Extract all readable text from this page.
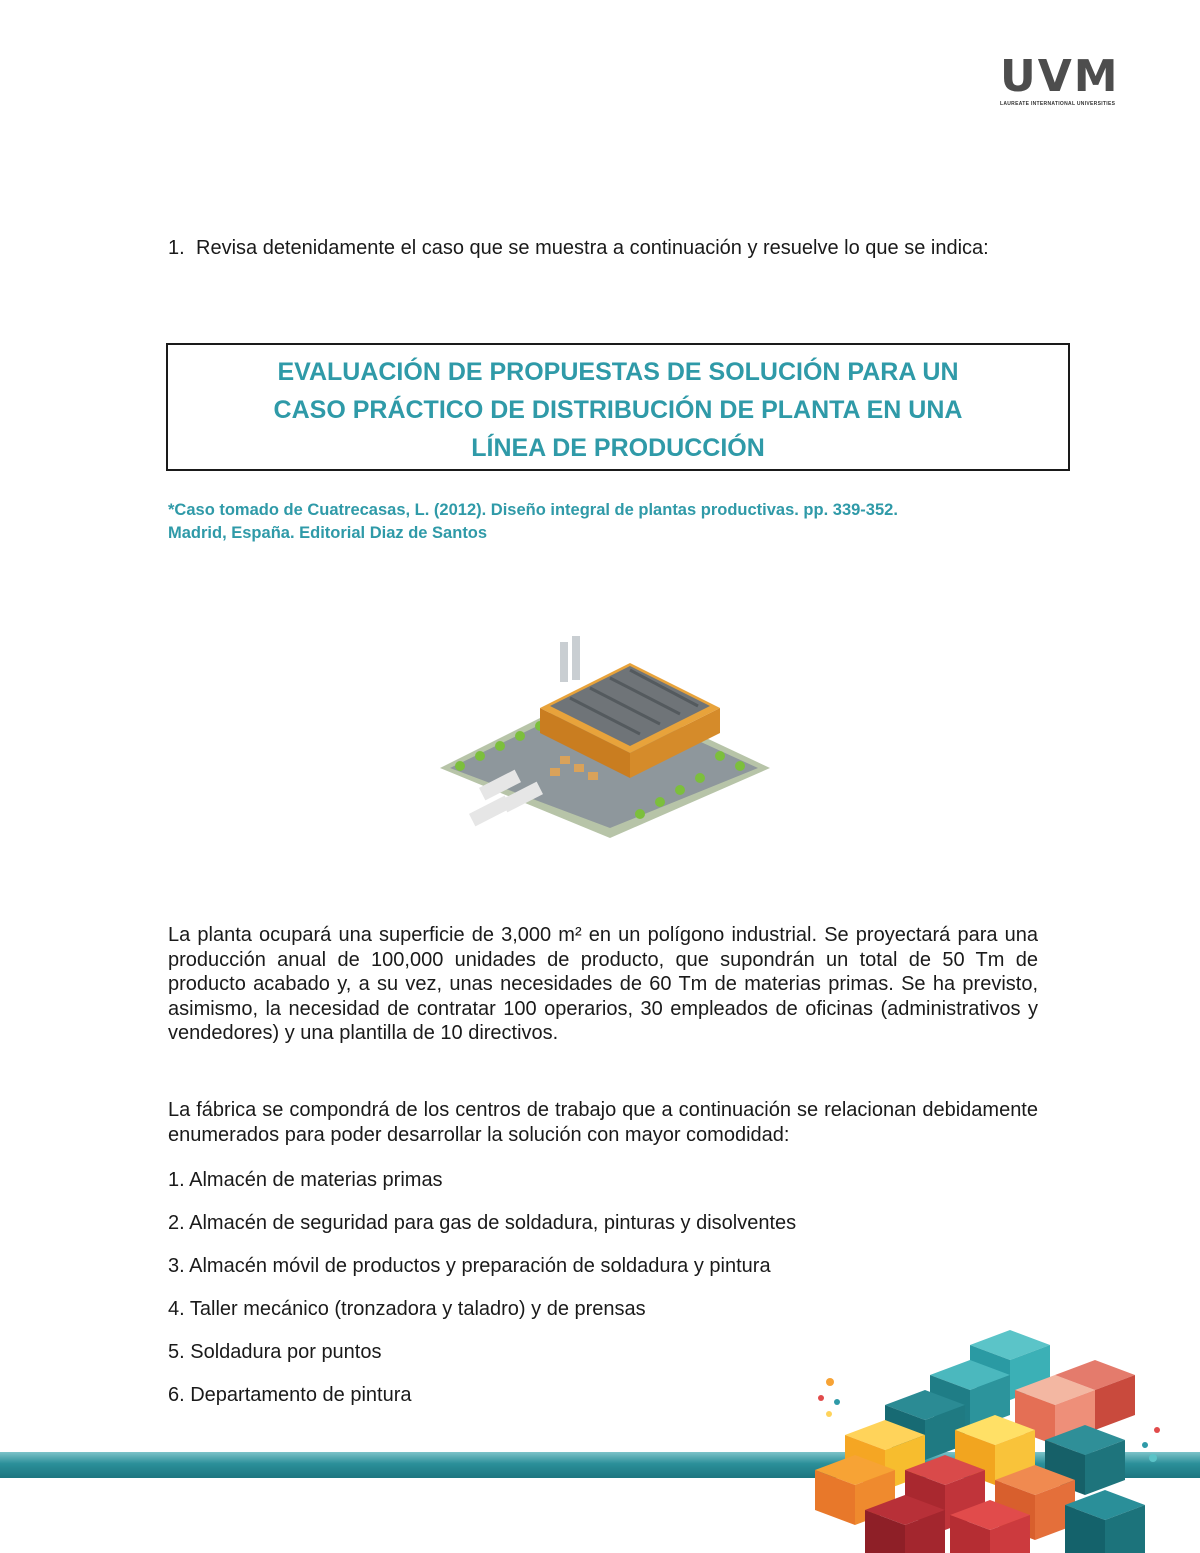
UVM
LAUREATE INTERNATIONAL UNIVERSITIES
1. Revisa detenidamente el caso que se muestra a continuación y resuelve lo que se indica:
EVALUACIÓN DE PROPUESTAS DE SOLUCIÓN PARA UN
CASO PRÁCTICO DE DISTRIBUCIÓN DE PLANTA EN UNA
LÍNEA DE PRODUCCIÓN
*Caso tomado de Cuatrecasas, L. (2012). Diseño integral de plantas productivas. pp. 339-352.
Madrid, España. Editorial Diaz de Santos
La planta ocupará una superficie de 3,000 m² en un polígono industrial. Se proyectará para una producción anual de 100,000 unidades de producto, que supondrán un total de 50 Tm de producto acabado y, a su vez, unas necesidades de 60 Tm de materias primas. Se ha previsto, asimismo, la necesidad de contratar 100 operarios, 30 empleados de oficinas (administrativos y vendedores) y una plantilla de 10 directivos.
La fábrica se compondrá de los centros de trabajo que a continuación se relacionan debidamente enumerados para poder desarrollar la solución con mayor comodidad:
1. Almacén de materias primas
2. Almacén de seguridad para gas de soldadura, pinturas y disolventes
3. Almacén móvil de productos y preparación de soldadura y pintura
4. Taller mecánico (tronzadora y taladro) y de prensas
5. Soldadura por puntos
6. Departamento de pintura
